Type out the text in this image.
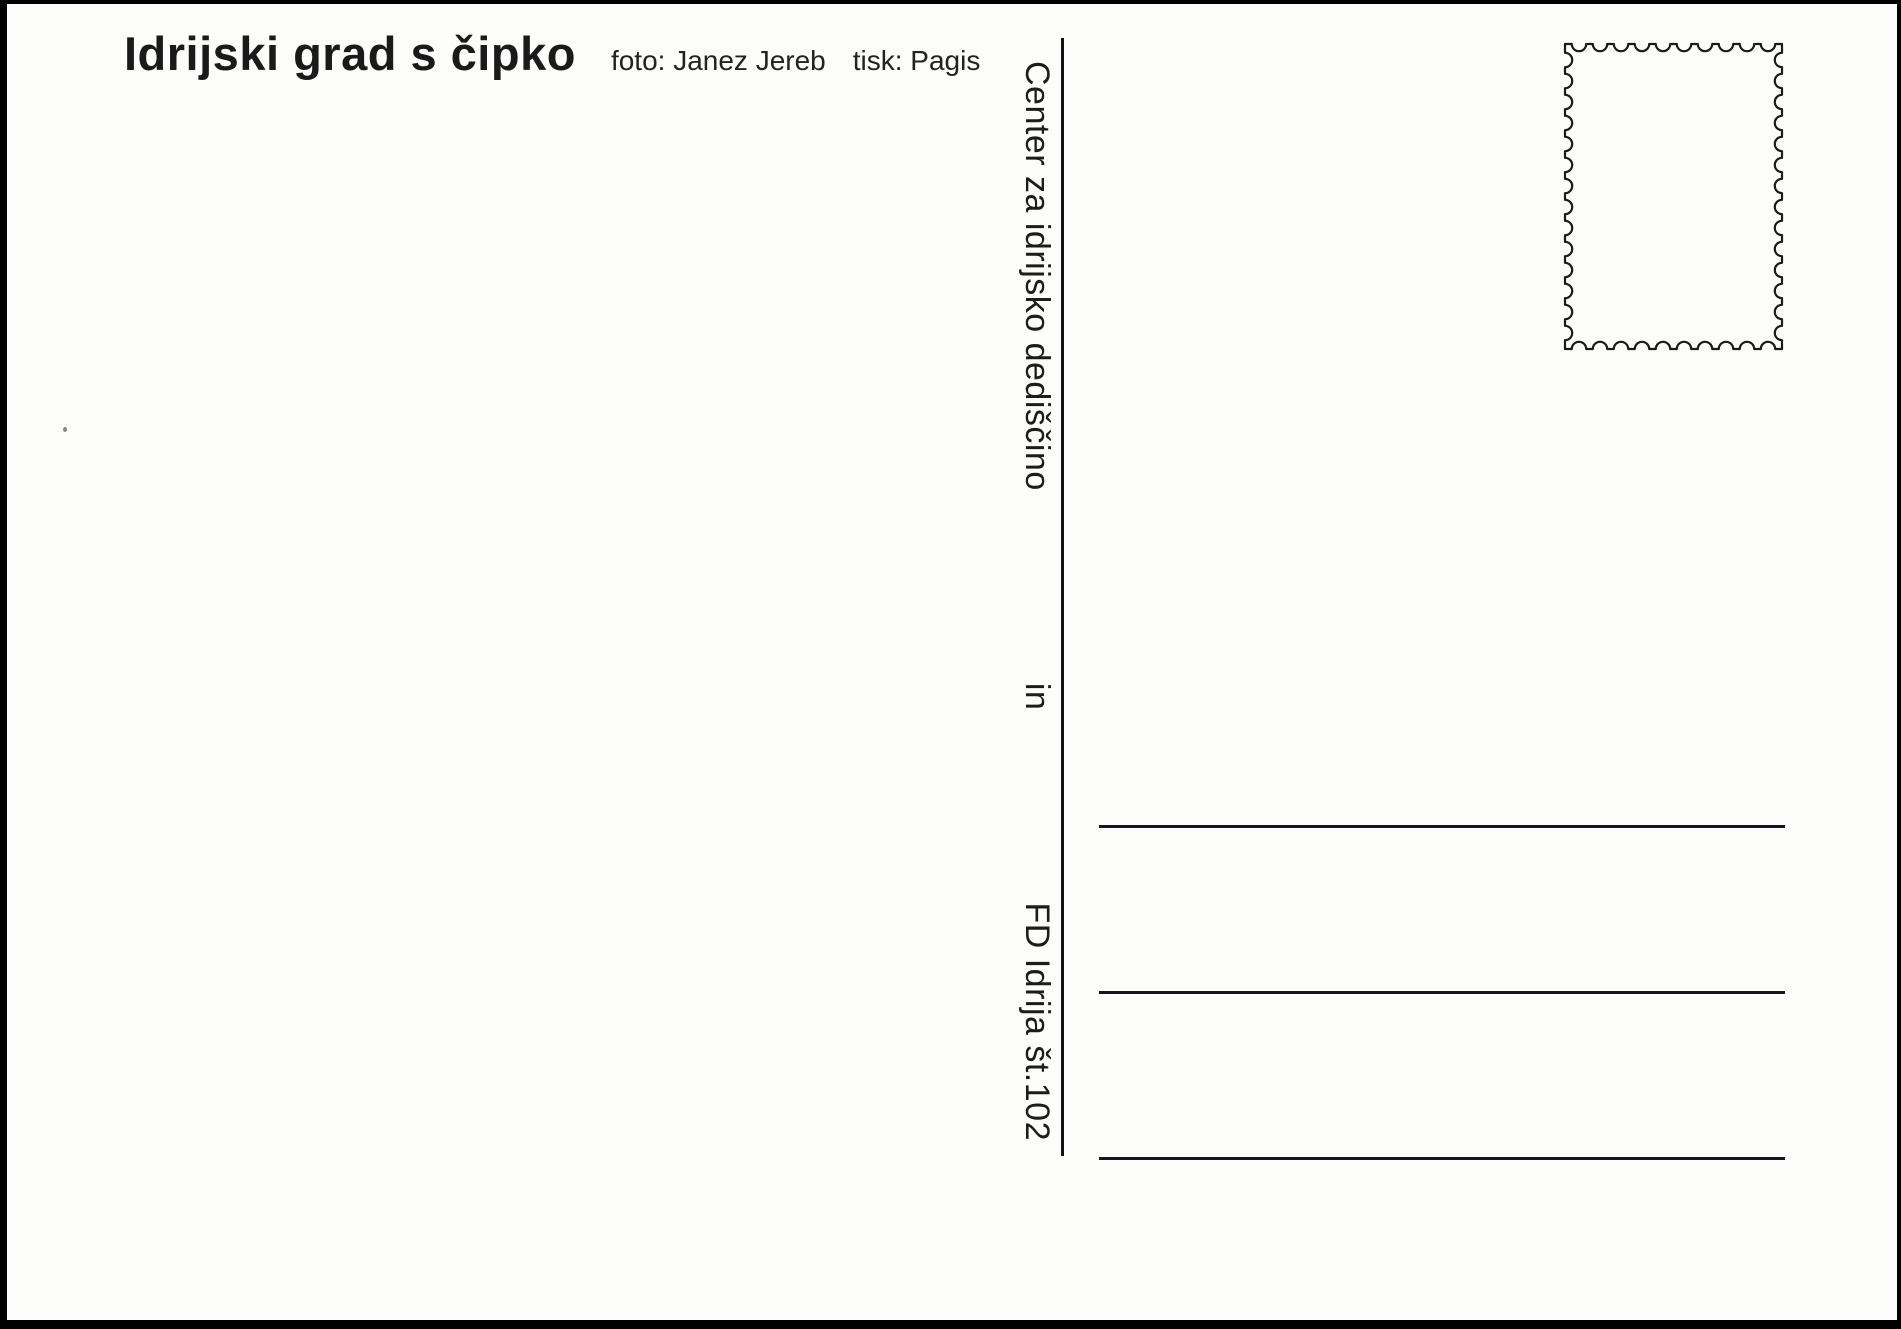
Idrijski grad s čipko foto: Janez Jereb tisk: Pagis
Center za idrijsko dediščino
in
FD Idrija št.102
